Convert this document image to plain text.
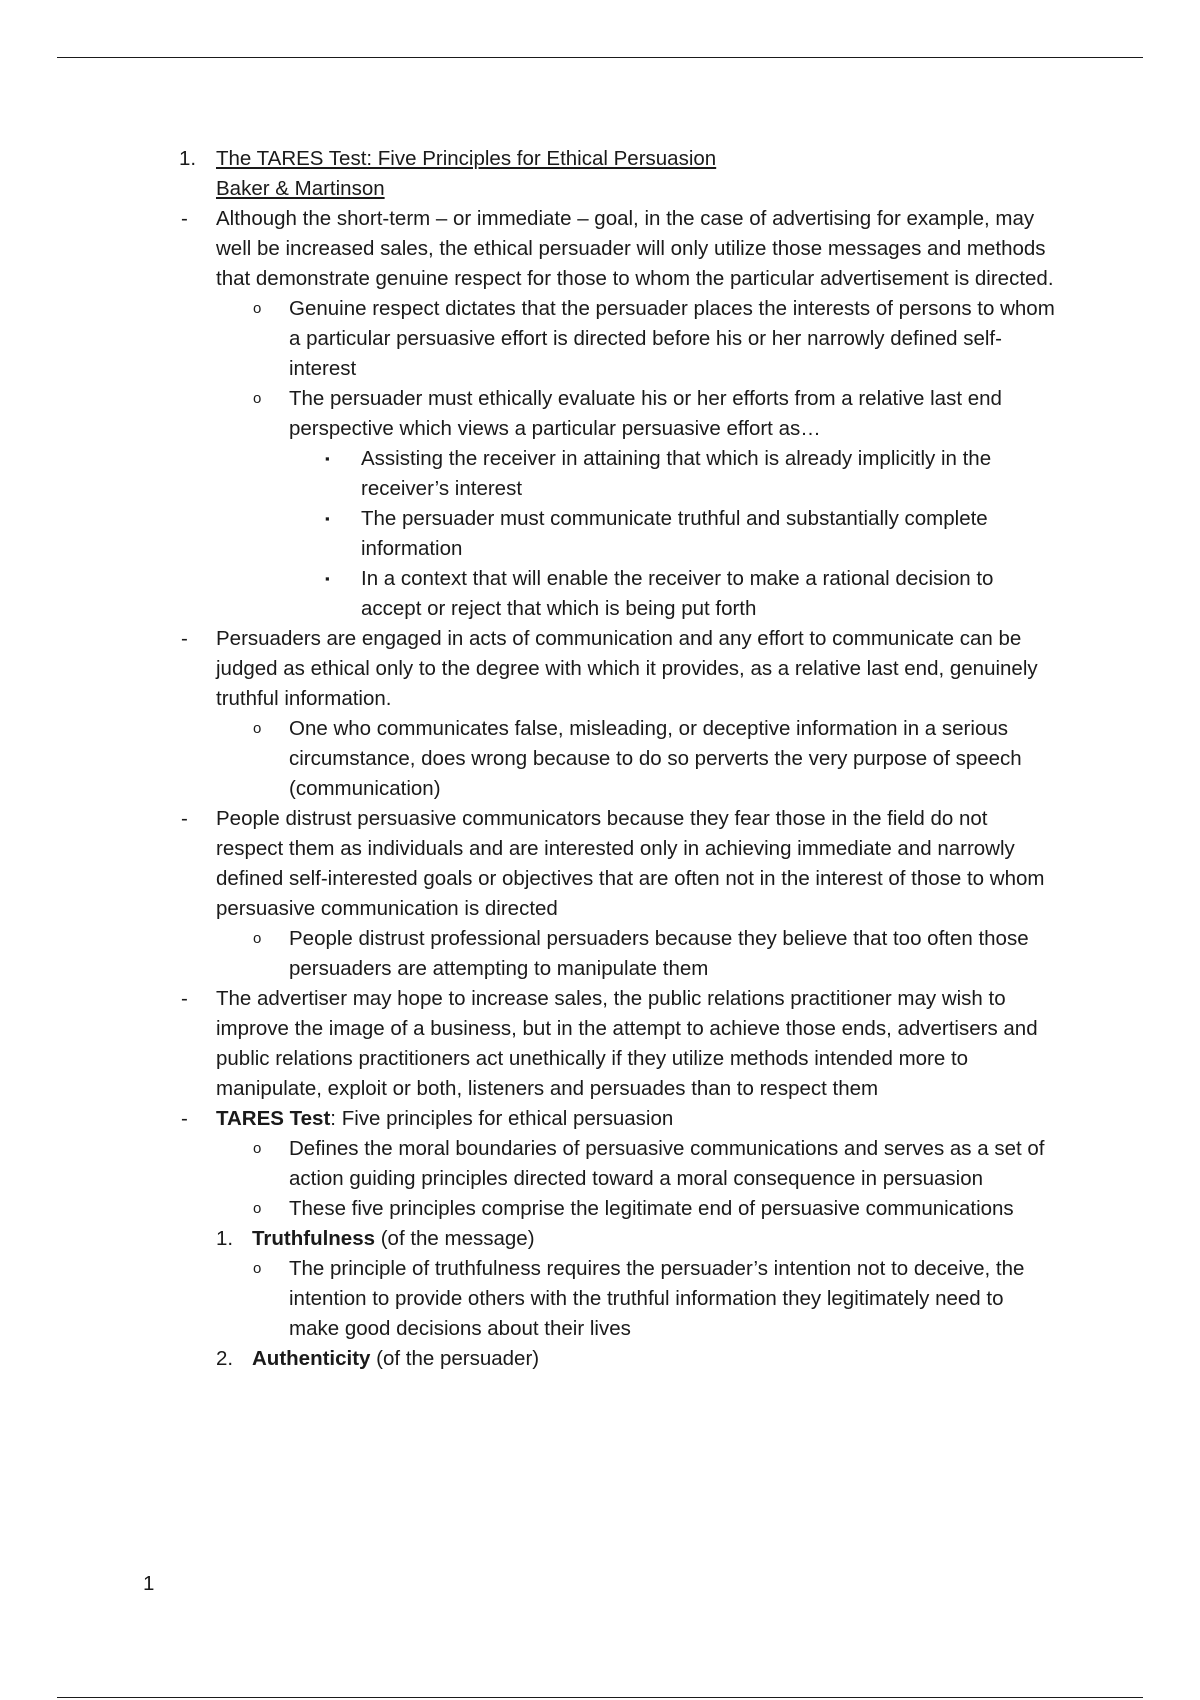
1. The TARES Test: Five Principles for Ethical Persuasion
Baker & Martinson
- Although the short-term – or immediate – goal, in the case of advertising for example, may well be increased sales, the ethical persuader will only utilize those messages and methods that demonstrate genuine respect for those to whom the particular advertisement is directed.
o Genuine respect dictates that the persuader places the interests of persons to whom a particular persuasive effort is directed before his or her narrowly defined self-interest
o The persuader must ethically evaluate his or her efforts from a relative last end perspective which views a particular persuasive effort as…
▪ Assisting the receiver in attaining that which is already implicitly in the receiver’s interest
▪ The persuader must communicate truthful and substantially complete information
▪ In a context that will enable the receiver to make a rational decision to accept or reject that which is being put forth
- Persuaders are engaged in acts of communication and any effort to communicate can be judged as ethical only to the degree with which it provides, as a relative last end, genuinely truthful information.
o One who communicates false, misleading, or deceptive information in a serious circumstance, does wrong because to do so perverts the very purpose of speech (communication)
- People distrust persuasive communicators because they fear those in the field do not respect them as individuals and are interested only in achieving immediate and narrowly defined self-interested goals or objectives that are often not in the interest of those to whom persuasive communication is directed
o People distrust professional persuaders because they believe that too often those persuaders are attempting to manipulate them
- The advertiser may hope to increase sales, the public relations practitioner may wish to improve the image of a business, but in the attempt to achieve those ends, advertisers and public relations practitioners act unethically if they utilize methods intended more to manipulate, exploit or both, listeners and persuades than to respect them
- TARES Test: Five principles for ethical persuasion
o Defines the moral boundaries of persuasive communications and serves as a set of action guiding principles directed toward a moral consequence in persuasion
o These five principles comprise the legitimate end of persuasive communications
1. Truthfulness (of the message)
o The principle of truthfulness requires the persuader’s intention not to deceive, the intention to provide others with the truthful information they legitimately need to make good decisions about their lives
2. Authenticity (of the persuader)
1
